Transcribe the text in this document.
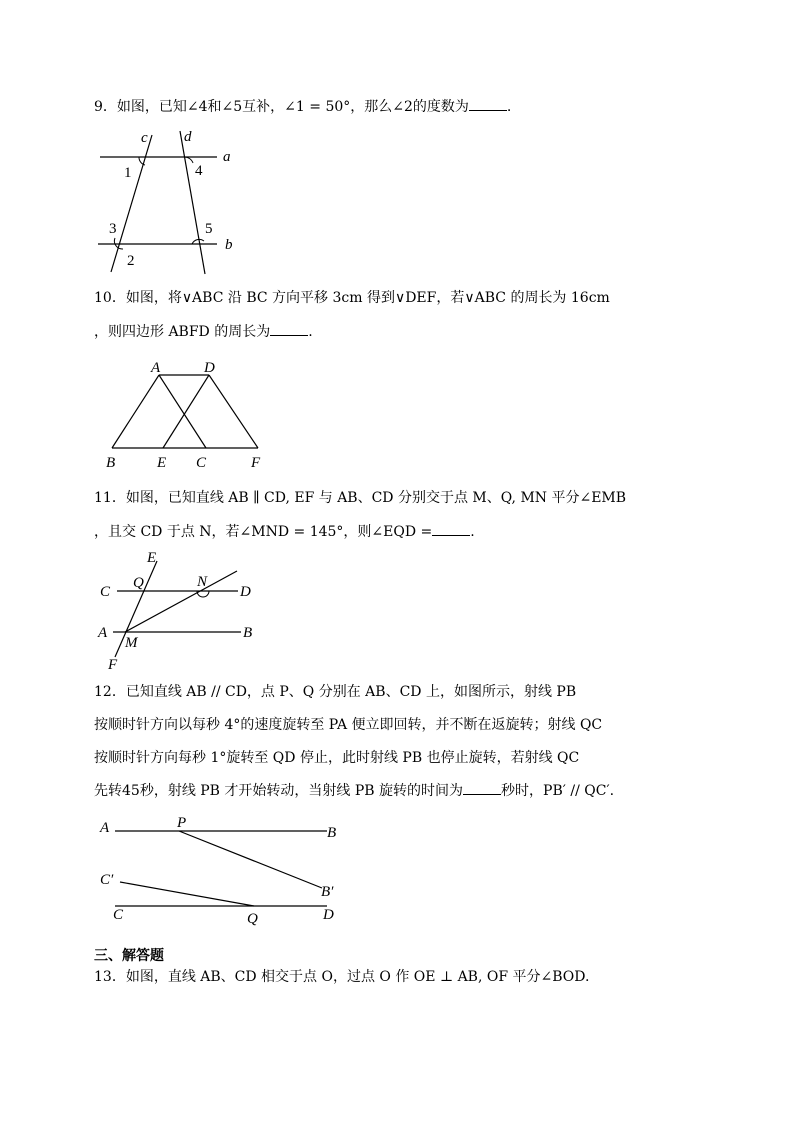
9．如图，已知∠4和∠5互补，∠1 = 50°，那么∠2的度数为	.
c d
a
1	4
3	5
b
2
10．如图，将∨ABC 沿 BC 方向平移 3cm 得到∨DEF，若∨ABC 的周长为 16cm
，则四边形 ABFD 的周长为	.
A	D
B	E C	F
11．如图，已知直线 AB ∥ CD, EF 与 AB、CD 分别交于点 M、Q, MN 平分∠EMB
，且交 CD 于点 N，若∠MND = 145°，则∠EQD =	.
E
Q	N
C	D
A
M
B
F
12．已知直线 AB // CD，点 P、Q 分别在 AB、CD 上，如图所示，射线 PB
按顺时针方向以每秒 4°的速度旋转至 PA 便立即回转，并不断在返旋转；射线 QC
按顺时针方向每秒 1°旋转至 QD 停止，此时射线 PB 也停止旋转，若射线 QC
先转45秒，射线 PB 才开始转动，当射线 PB 旋转的时间为	秒时，PB′ // QC′.
A	P
B
C′
B′
C	Q	D
三、解答题
13．如图，直线 AB、CD 相交于点 O，过点 O 作 OE ⊥ AB, OF 平分∠BOD.
